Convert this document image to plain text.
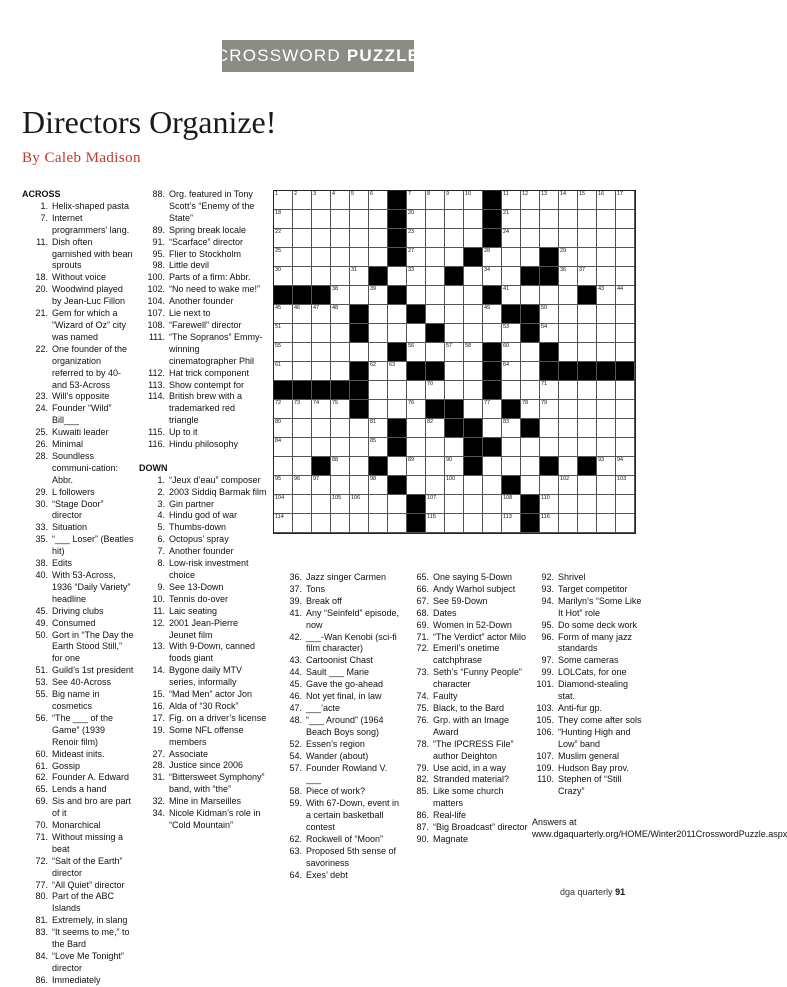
CROSSWORD PUZZLE
Directors Organize!
By Caleb Madison
ACROSS
1. Helix-shaped pasta
7. Internet programmers’ lang.
11. Dish often garnished with bean sprouts
18. Without voice
20. Woodwind played by Jean-Luc Fillon
21. Gem for which a “Wizard of Oz” city was named
22. One founder of the organization referred to by 40- and 53-Across
23. Will’s opposite
24. Founder “Wild” Bill___
25. Kuwaiti leader
26. Minimal
28. Soundless communi-cation: Abbr.
29. L followers
30. “Stage Door” director
33. Situation
35. “___ Loser” (Beatles hit)
38. Edits
40. With 53-Across, 1936 “Daily Variety” headline
45. Driving clubs
49. Consumed
50. Gort in “The Day the Earth Stood Still,” for one
51. Guild’s 1st president
53. See 40-Across
55. Big name in cosmetics
56. “The ___ of the Game” (1939 Renoir film)
60. Mideast inits.
61. Gossip
62. Founder A. Edward
65. Lends a hand
69. Sis and bro are part of it
70. Monarchical
71. Without missing a beat
72. “Salt of the Earth” director
77. “All Quiet” director
80. Part of the ABC Islands
81. Extremely, in slang
83. “It seems to me,” to the Bard
84. “Love Me Tonight” director
86. Immediately
88. Org. featured in Tony Scott’s “Enemy of the State”
89. Spring break locale
91. “Scarface” director
95. Flier to Stockholm
98. Little devil
100. Parts of a firm: Abbr.
102. “No need to wake me!”
104. Another founder
107. Lie next to
108. “Farewell” director
111. “The Sopranos” Emmy-winning cinematographer Phil
112. Hat trick component
113. Show contempt for
114. British brew with a trademarked red triangle
115. Up to it
116. Hindu philosophy
DOWN
1. “Jeux d’eau” composer
2. 2003 Siddiq Barmak film
3. Gin partner
4. Hindu god of war
5. Thumbs-down
6. Octopus’ spray
7. Another founder
8. Low-risk investment choice
9. See 13-Down
10. Tennis do-over
11. Laic seating
12. 2001 Jean-Pierre Jeunet film
13. With 9-Down, canned foods giant
14. Bygone daily MTV series, informally
15. “Mad Men” actor Jon
16. Alda of “30 Rock”
17. Fig. on a driver’s license
19. Some NFL offense members
27. Associate
28. Justice since 2006
31. “Bittersweet Symphony” band, with “the”
32. Mine in Marseilles
34. Nicole Kidman’s role in “Cold Mountain”
36. Jazz singer Carmen
37. Tons
39. Break off
41. Any “Seinfeld” episode, now
42. ___-Wan Kenobi (sci-fi film character)
43. Cartoonist Chast
44. Sault ___ Marie
45. Gave the go-ahead
46. Not yet final, in law
47. ___’acte
48. “___ Around” (1964 Beach Boys song)
52. Essen’s region
54. Wander (about)
57. Founder Rowland V. ___
58. Piece of work?
59. With 67-Down, event in a certain basketball contest
62. Rockwell of “Moon”
63. Proposed 5th sense of savoriness
64. Exes’ debt
65. One saying 5-Down
66. Andy Warhol subject
67. See 59-Down
68. Dates
69. Women in 52-Down
71. “The Verdict” actor Milo
72. Emeril’s onetime catchphrase
73. Seth’s “Funny People” character
74. Faulty
75. Black, to the Bard
76. Grp. with an Image Award
78. “The IPCRESS File” author Deighton
79. Use acid, in a way
82. Stranded material?
85. Like some church matters
86. Real-life
87. “Big Broadcast” director
90. Magnate
92. Shrivel
93. Target competitor
94. Marilyn’s “Some Like It Hot” role
95. Do some deck work
96. Form of many jazz standards
97. Some cameras
99. LOLCats, for one
101. Diamond-stealing stat.
103. Anti-fur gp.
105. They come after sols
106. “Hunting High and Low” band
107. Muslim general
109. Hudson Bay prov.
110. Stephen of “Still Crazy”
1	2	3	4	5	6	7	8	9	10	11 12 13 14 15 16 17
18	20	21
22	23	24
25	27	28	29
30	31	33	34	36 37
38	39	41	43 44
45 46 47 48	49	50
51	53	54
55	56	57 58	60
61	62 63	64
70	71
72 73 74 75	76	77	78 79
80	81	82	83
84	85
88	89	90	93 94
95 96 97	98	100	102	103
104	105 106	107	108	110
114	115	113	116
Answers at www.dgaquarterly.org/HOME/Winter2011CrosswordPuzzle.aspx
dga quarterly 91
